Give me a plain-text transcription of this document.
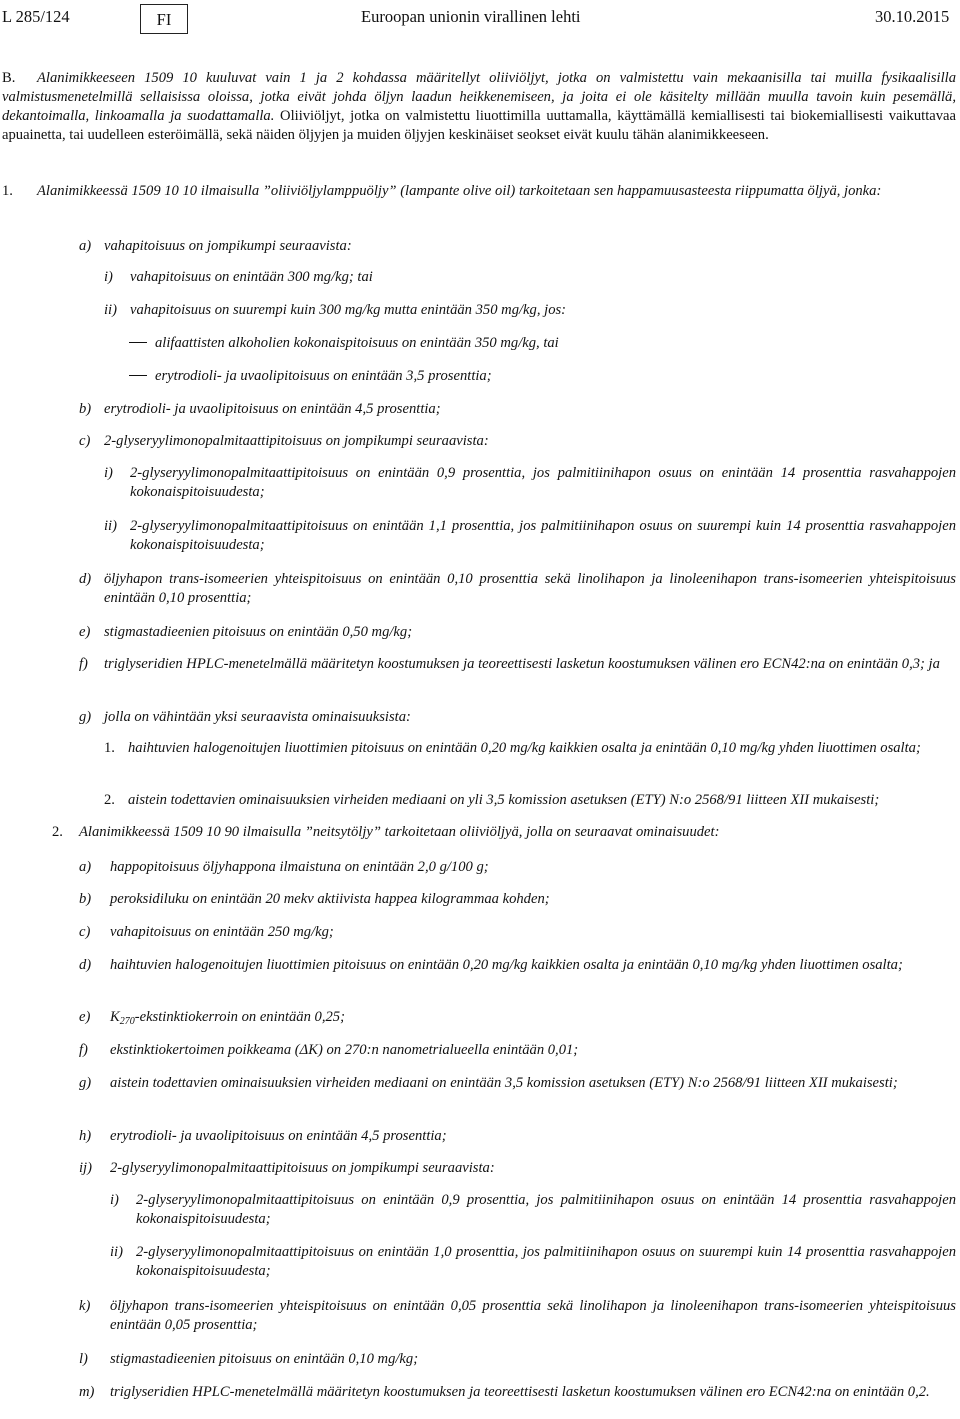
L 285/124	FI	Euroopan unionin virallinen lehti	30.10.2015
B. Alanimikkeeseen 1509 10 kuuluvat vain 1 ja 2 kohdassa määritellyt oliiviöljyt, jotka on valmistettu vain mekaanisilla tai muilla fysikaalisilla valmistusmenetelmillä sellaisissa oloissa, jotka eivät johda öljyn laadun heikkenemiseen, ja joita ei ole käsitelty millään muulla tavoin kuin pesemällä, dekantoimalla, linkoamalla ja suodattamalla. Oliiviöljyt, jotka on valmistettu liuottimilla uuttamalla, käyttämällä kemiallisesti tai biokemiallisesti vaikuttavaa apuainetta, tai uudelleen esteröimällä, sekä näiden öljyjen ja muiden öljyjen keskinäiset seokset eivät kuulu tähän alanimikkeeseen.
1. Alanimikkeessä 1509 10 10 ilmaisulla ”oliiviöljylamppuöljy” (lampante olive oil) tarkoitetaan sen happamuusasteesta riippumatta öljyä, jonka:
a) vahapitoisuus on jompikumpi seuraavista:
i) vahapitoisuus on enintään 300 mg/kg; tai
ii) vahapitoisuus on suurempi kuin 300 mg/kg mutta enintään 350 mg/kg, jos:
alifaattisten alkoholien kokonaispitoisuus on enintään 350 mg/kg, tai
erytrodioli- ja uvaolipitoisuus on enintään 3,5 prosenttia;
b) erytrodioli- ja uvaolipitoisuus on enintään 4,5 prosenttia;
c) 2-glyseryylimonopalmitaattipitoisuus on jompikumpi seuraavista:
i) 2-glyseryylimonopalmitaattipitoisuus on enintään 0,9 prosenttia, jos palmitiinihapon osuus on enintään 14 prosenttia rasvahappojen kokonaispitoisuudesta;
ii) 2-glyseryylimonopalmitaattipitoisuus on enintään 1,1 prosenttia, jos palmitiinihapon osuus on suurempi kuin 14 prosenttia rasvahappojen kokonaispitoisuudesta;
d) öljyhapon trans-isomeerien yhteispitoisuus on enintään 0,10 prosenttia sekä linolihapon ja linoleenihapon trans-isomeerien yhteispitoisuus enintään 0,10 prosenttia;
e) stigmastadieenien pitoisuus on enintään 0,50 mg/kg;
f) triglyseridien HPLC-menetelmällä määritetyn koostumuksen ja teoreettisesti lasketun koostumuksen välinen ero ECN42:na on enintään 0,3; ja
g) jolla on vähintään yksi seuraavista ominaisuuksista:
1. haihtuvien halogenoitujen liuottimien pitoisuus on enintään 0,20 mg/kg kaikkien osalta ja enintään 0,10 mg/kg yhden liuottimen osalta;
2. aistein todettavien ominaisuuksien virheiden mediaani on yli 3,5 komission asetuksen (ETY) N:o 2568/91 liitteen XII mukaisesti;
2. Alanimikkeessä 1509 10 90 ilmaisulla ”neitsytöljy” tarkoitetaan oliiviöljyä, jolla on seuraavat ominaisuudet:
a) happopitoisuus öljyhappona ilmaistuna on enintään 2,0 g/100 g;
b) peroksidiluku on enintään 20 mekv aktiivista happea kilogrammaa kohden;
c) vahapitoisuus on enintään 250 mg/kg;
d) haihtuvien halogenoitujen liuottimien pitoisuus on enintään 0,20 mg/kg kaikkien osalta ja enintään 0,10 mg/kg yhden liuottimen osalta;
e) $K_{270}$-ekstinktiokerroin on enintään 0,25;
f) ekstinktiokertoimen poikkeama (ΔK) on 270:n nanometrialueella enintään 0,01;
g) aistein todettavien ominaisuuksien virheiden mediaani on enintään 3,5 komission asetuksen (ETY) N:o 2568/91 liitteen XII mukaisesti;
h) erytrodioli- ja uvaolipitoisuus on enintään 4,5 prosenttia;
ij) 2-glyseryylimonopalmitaattipitoisuus on jompikumpi seuraavista:
i) 2-glyseryylimonopalmitaattipitoisuus on enintään 0,9 prosenttia, jos palmitiinihapon osuus on enintään 14 prosenttia rasvahappojen kokonaispitoisuudesta;
ii) 2-glyseryylimonopalmitaattipitoisuus on enintään 1,0 prosenttia, jos palmitiinihapon osuus on suurempi kuin 14 prosenttia rasvahappojen kokonaispitoisuudesta;
k) öljyhapon trans-isomeerien yhteispitoisuus on enintään 0,05 prosenttia sekä linolihapon ja linoleenihapon trans-isomeerien yhteispitoisuus enintään 0,05 prosenttia;
l) stigmastadieenien pitoisuus on enintään 0,10 mg/kg;
m) triglyseridien HPLC-menetelmällä määritetyn koostumuksen ja teoreettisesti lasketun koostumuksen välinen ero ECN42:na on enintään 0,2.
